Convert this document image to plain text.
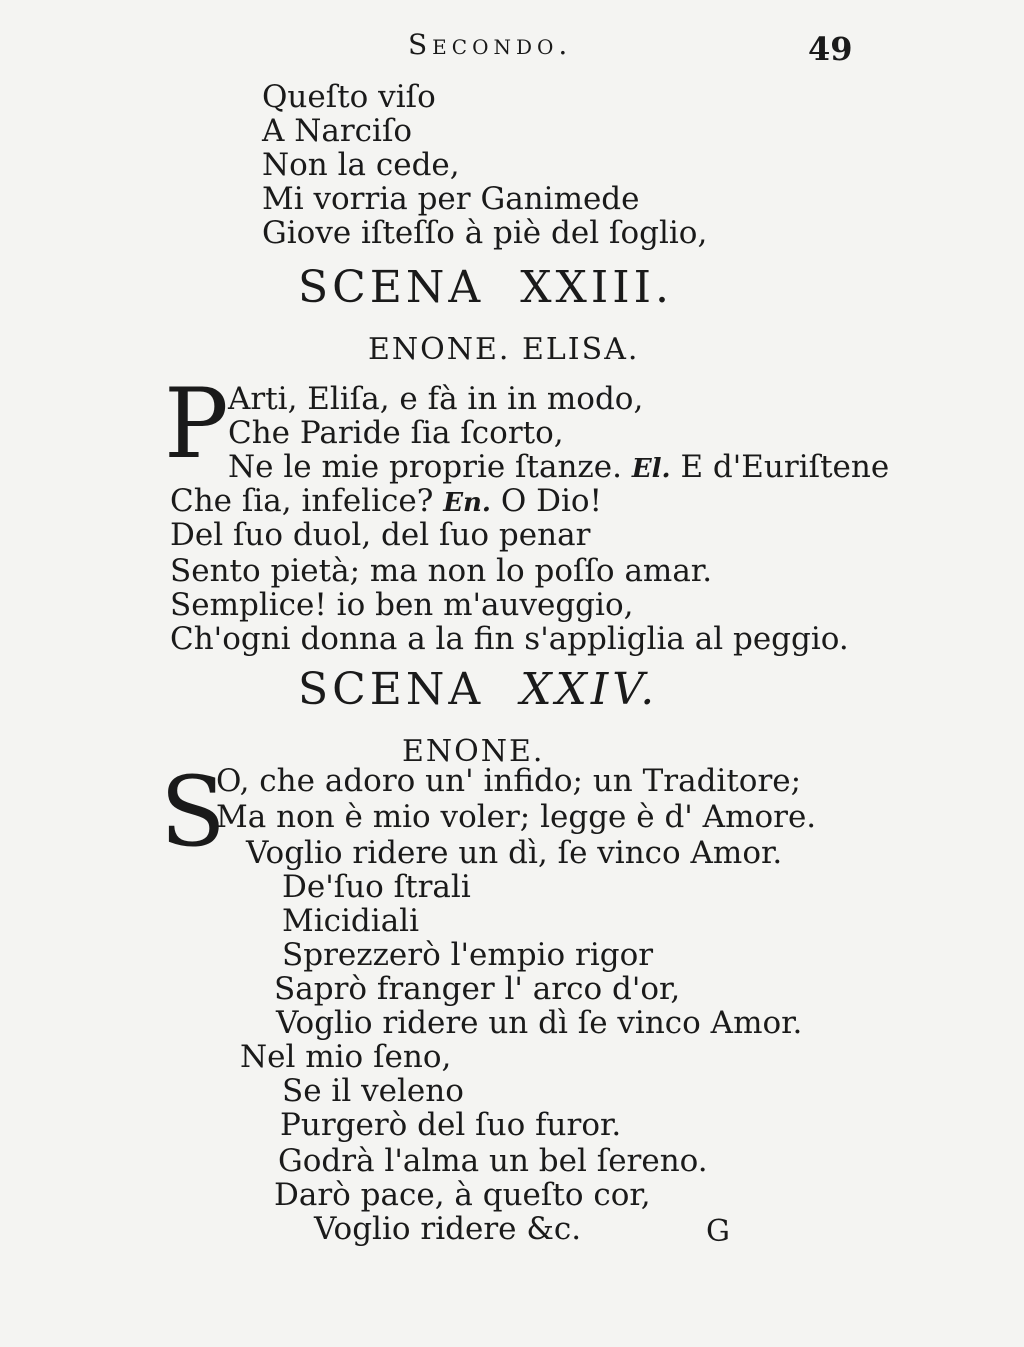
Secondo.	49
Queſto viſo
A Narciſo
Non la cede,
Mi vorria per Ganimede
Giove iſteſſo à piè del ſoglio,
SCENA XXIII.
ENONE. ELISA.
P Arti, Eliſa, e fà in in modo,
Che Paride ſia ſcorto,
Ne le mie proprie ſtanze. El. E d'Euriſtene
Che ſia, infelice? En. O Dio!
Del ſuo duol, del ſuo penar
Sento pietà; ma non lo poſſo amar.
Semplice! io ben m'auveggio,
Ch'ogni donna a la fin s'appliglia al peggio.
SCENA XXIV.
ENONE.
S
O, che adoro un' infido; un Traditore;
Ma non è mio voler; legge è d' Amore.
Voglio ridere un dì, ſe vinco Amor.
De'ſuo ſtrali
Micidiali
Sprezzerò l'empio rigor
Saprò franger l' arco d'or,
Voglio ridere un dì ſe vinco Amor.
Nel mio ſeno,
Se il veleno
Purgerò del ſuo furor.
Godrà l'alma un bel ſereno.
Darò pace, à queſto cor,
Voglio ridere &c.	G
